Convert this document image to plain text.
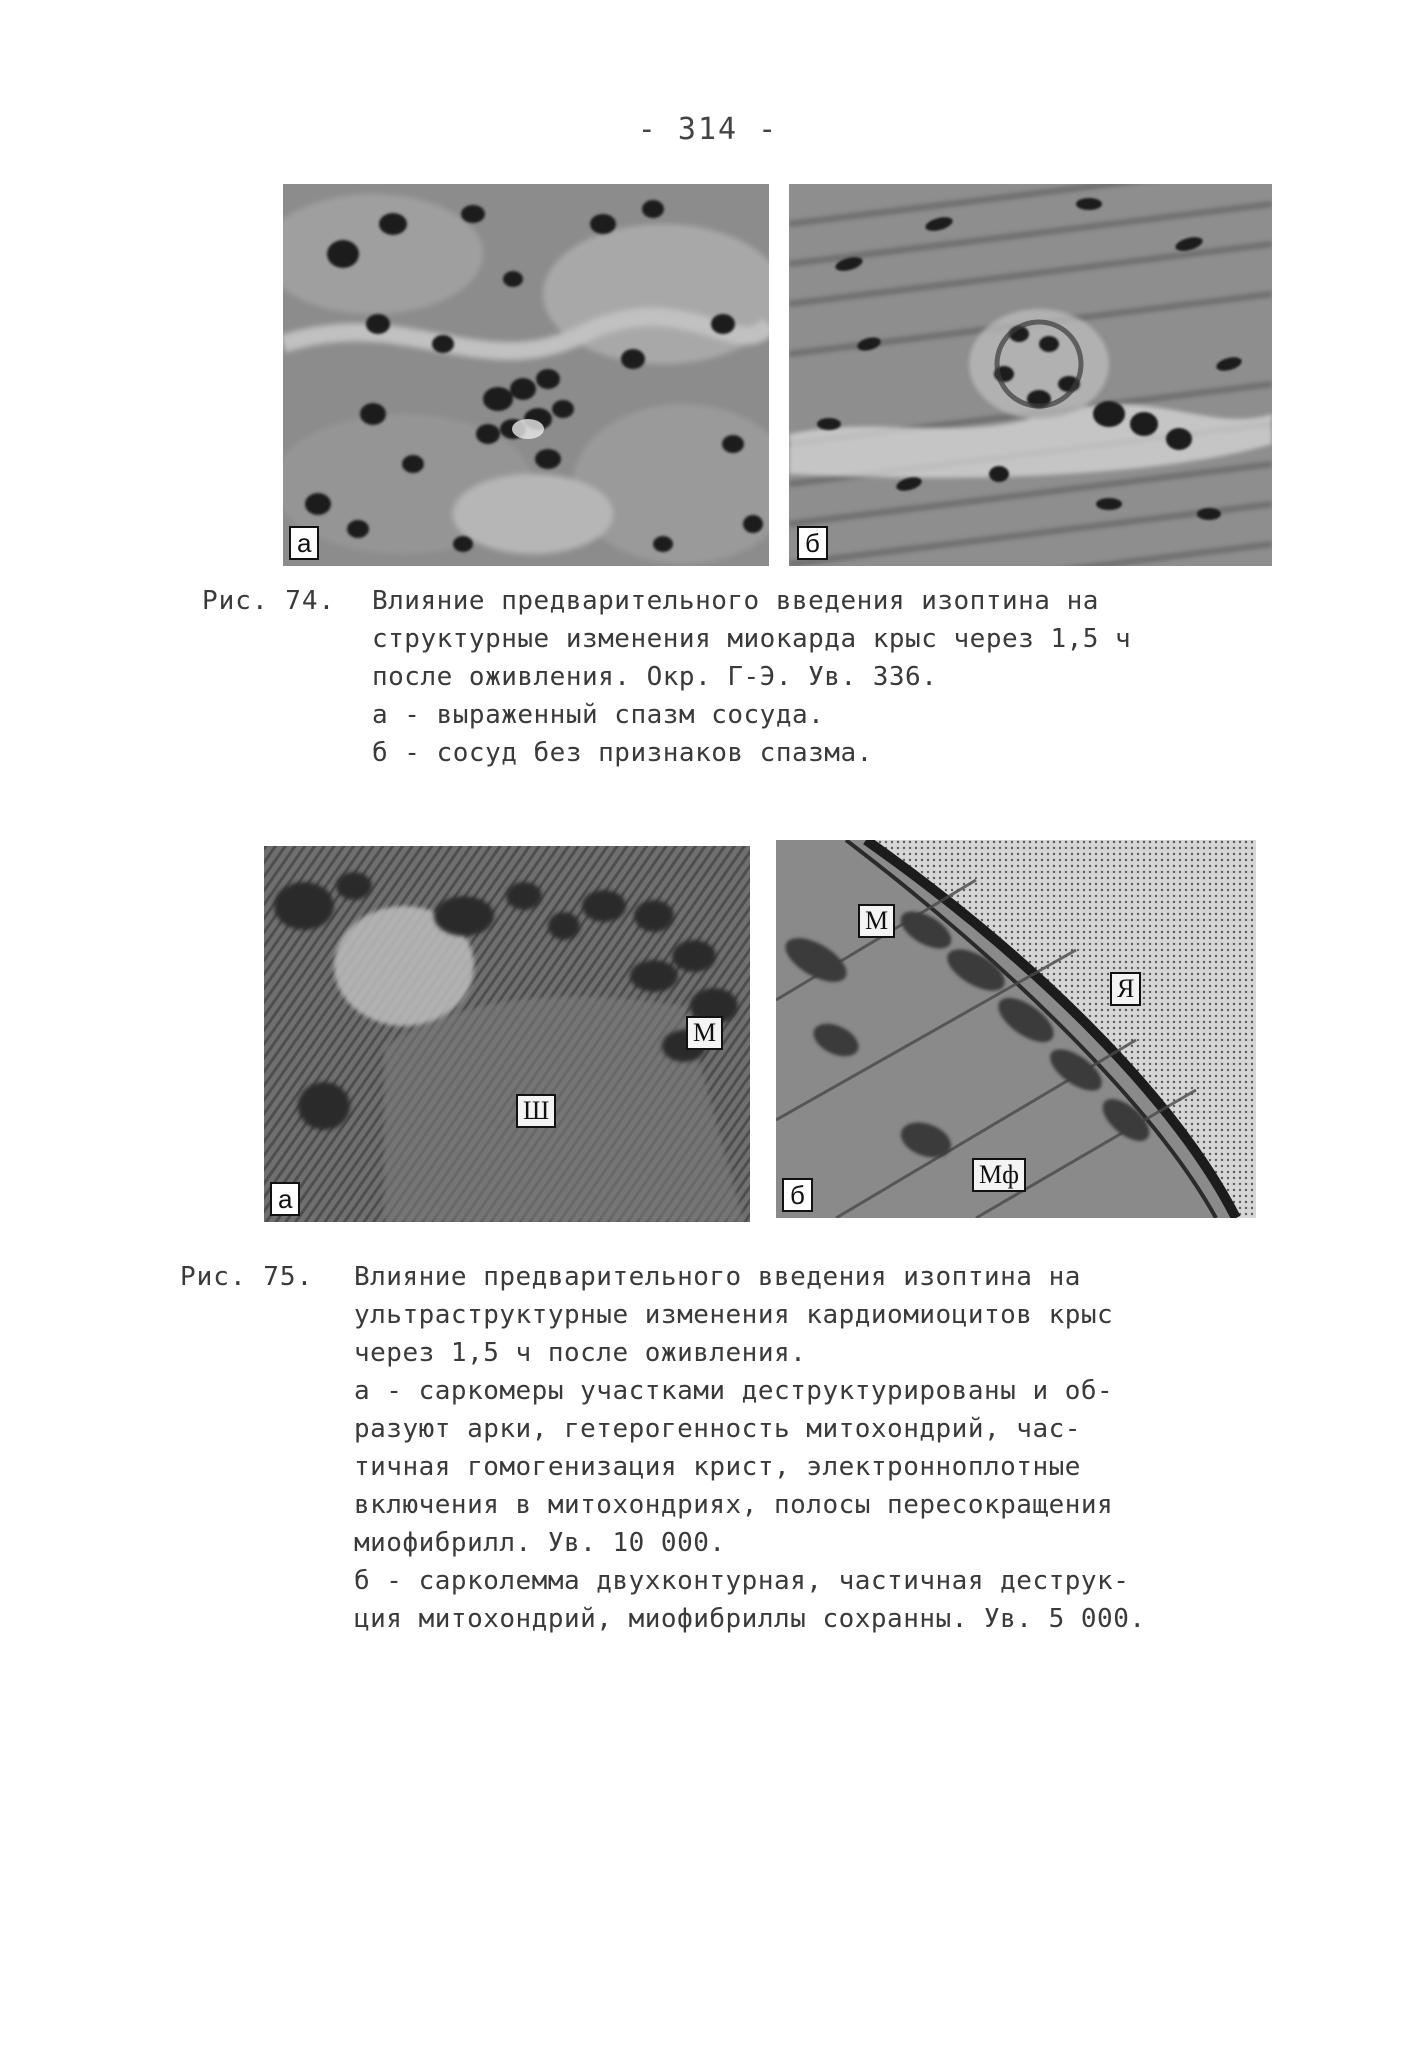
- 314 -
а	б
Рис. 74. Влияние предварительного введения изоптина на

структурные изменения миокарда крыс через 1,5 ч

после оживления. Окр. Г-Э. Ув. 336.

а - выраженный спазм сосуда.

б - сосуд без признаков спазма.

М
Ш
а
М
Я
Мф
б
Рис. 75. Влияние предварительного введения изоптина на

ультраструктурные изменения кардиомиоцитов крыс

через 1,5 ч после оживления.

а - саркомеры участками деструктурированы и об-

разуют арки, гетерогенность митохондрий, час-

тичная гомогенизация крист, электронноплотные

включения в митохондриях, полосы пересокращения

миофибрилл. Ув. 10 000.

б - сарколемма двухконтурная, частичная деструк-

ция митохондрий, миофибриллы сохранны. Ув. 5 000.
